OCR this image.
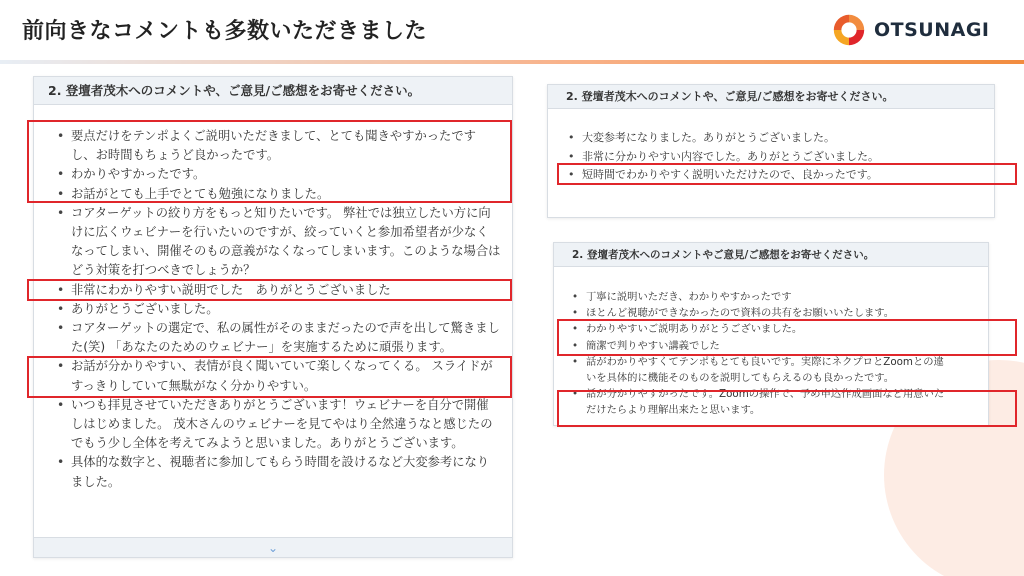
前向きなコメントも多数いただきました	OTSUNAGI
2. 登壇者茂木へのコメントや、ご意見/ご感想をお寄せください。
⌄
• 要点だけをテンポよくご説明いただきまして、とても聞きやすかったです
し、お時間もちょうど良かったです。
• わかりやすかったです。
• お話がとても上手でとても勉強になりました。
• コアターゲットの絞り方をもっと知りたいです。 弊社では独立したい方に向
けに広くウェビナーを行いたいのですが、絞っていくと参加希望者が少なく
なってしまい、開催そのもの意義がなくなってしまいます。このような場合は
どう対策を打つべきでしょうか？
• 非常にわかりやすい説明でした　ありがとうございました
• ありがとうございました。
• コアターゲットの選定で、私の属性がそのままだったので声を出して驚きまし
た(笑) 「あなたのためのウェビナー」を実施するために頑張ります。
• お話が分かりやすい、表情が良く聞いていて楽しくなってくる。 スライドが
すっきりしていて無駄がなく分かりやすい。
• いつも拝見させていただきありがとうございます！ウェビナーを自分で開催
しはじめました。 茂木さんのウェビナーを見てやはり全然違うなと感じたの
でもう少し全体を考えてみようと思いました。ありがとうございます。
• 具体的な数字と、視聴者に参加してもらう時間を設けるなど大変参考になり
ました。
2. 登壇者茂木へのコメントや、ご意見/ご感想をお寄せください。
• 大変参考になりました。ありがとうございました。
• 非常に分かりやすい内容でした。ありがとうございました。
• 短時間でわかりやすく説明いただけたので、良かったです。
2. 登壇者茂木へのコメントやご意見/ご感想をお寄せください。
• 丁寧に説明いただき、わかりやすかったです
• ほとんど視聴ができなかったので資料の共有をお願いいたします。
• わかりやすいご説明ありがとうございました。
• 簡潔で判りやすい講義でした
• 話がわかりやすくてテンポもとても良いです。実際にネクプロとZoomとの違
いを具体的に機能そのものを説明してもらえるのも良かったです。
• 話が分かりやすかったです。Zoomの操作で、予め申込作成画面など用意いた
だけたらより理解出来たと思います。
